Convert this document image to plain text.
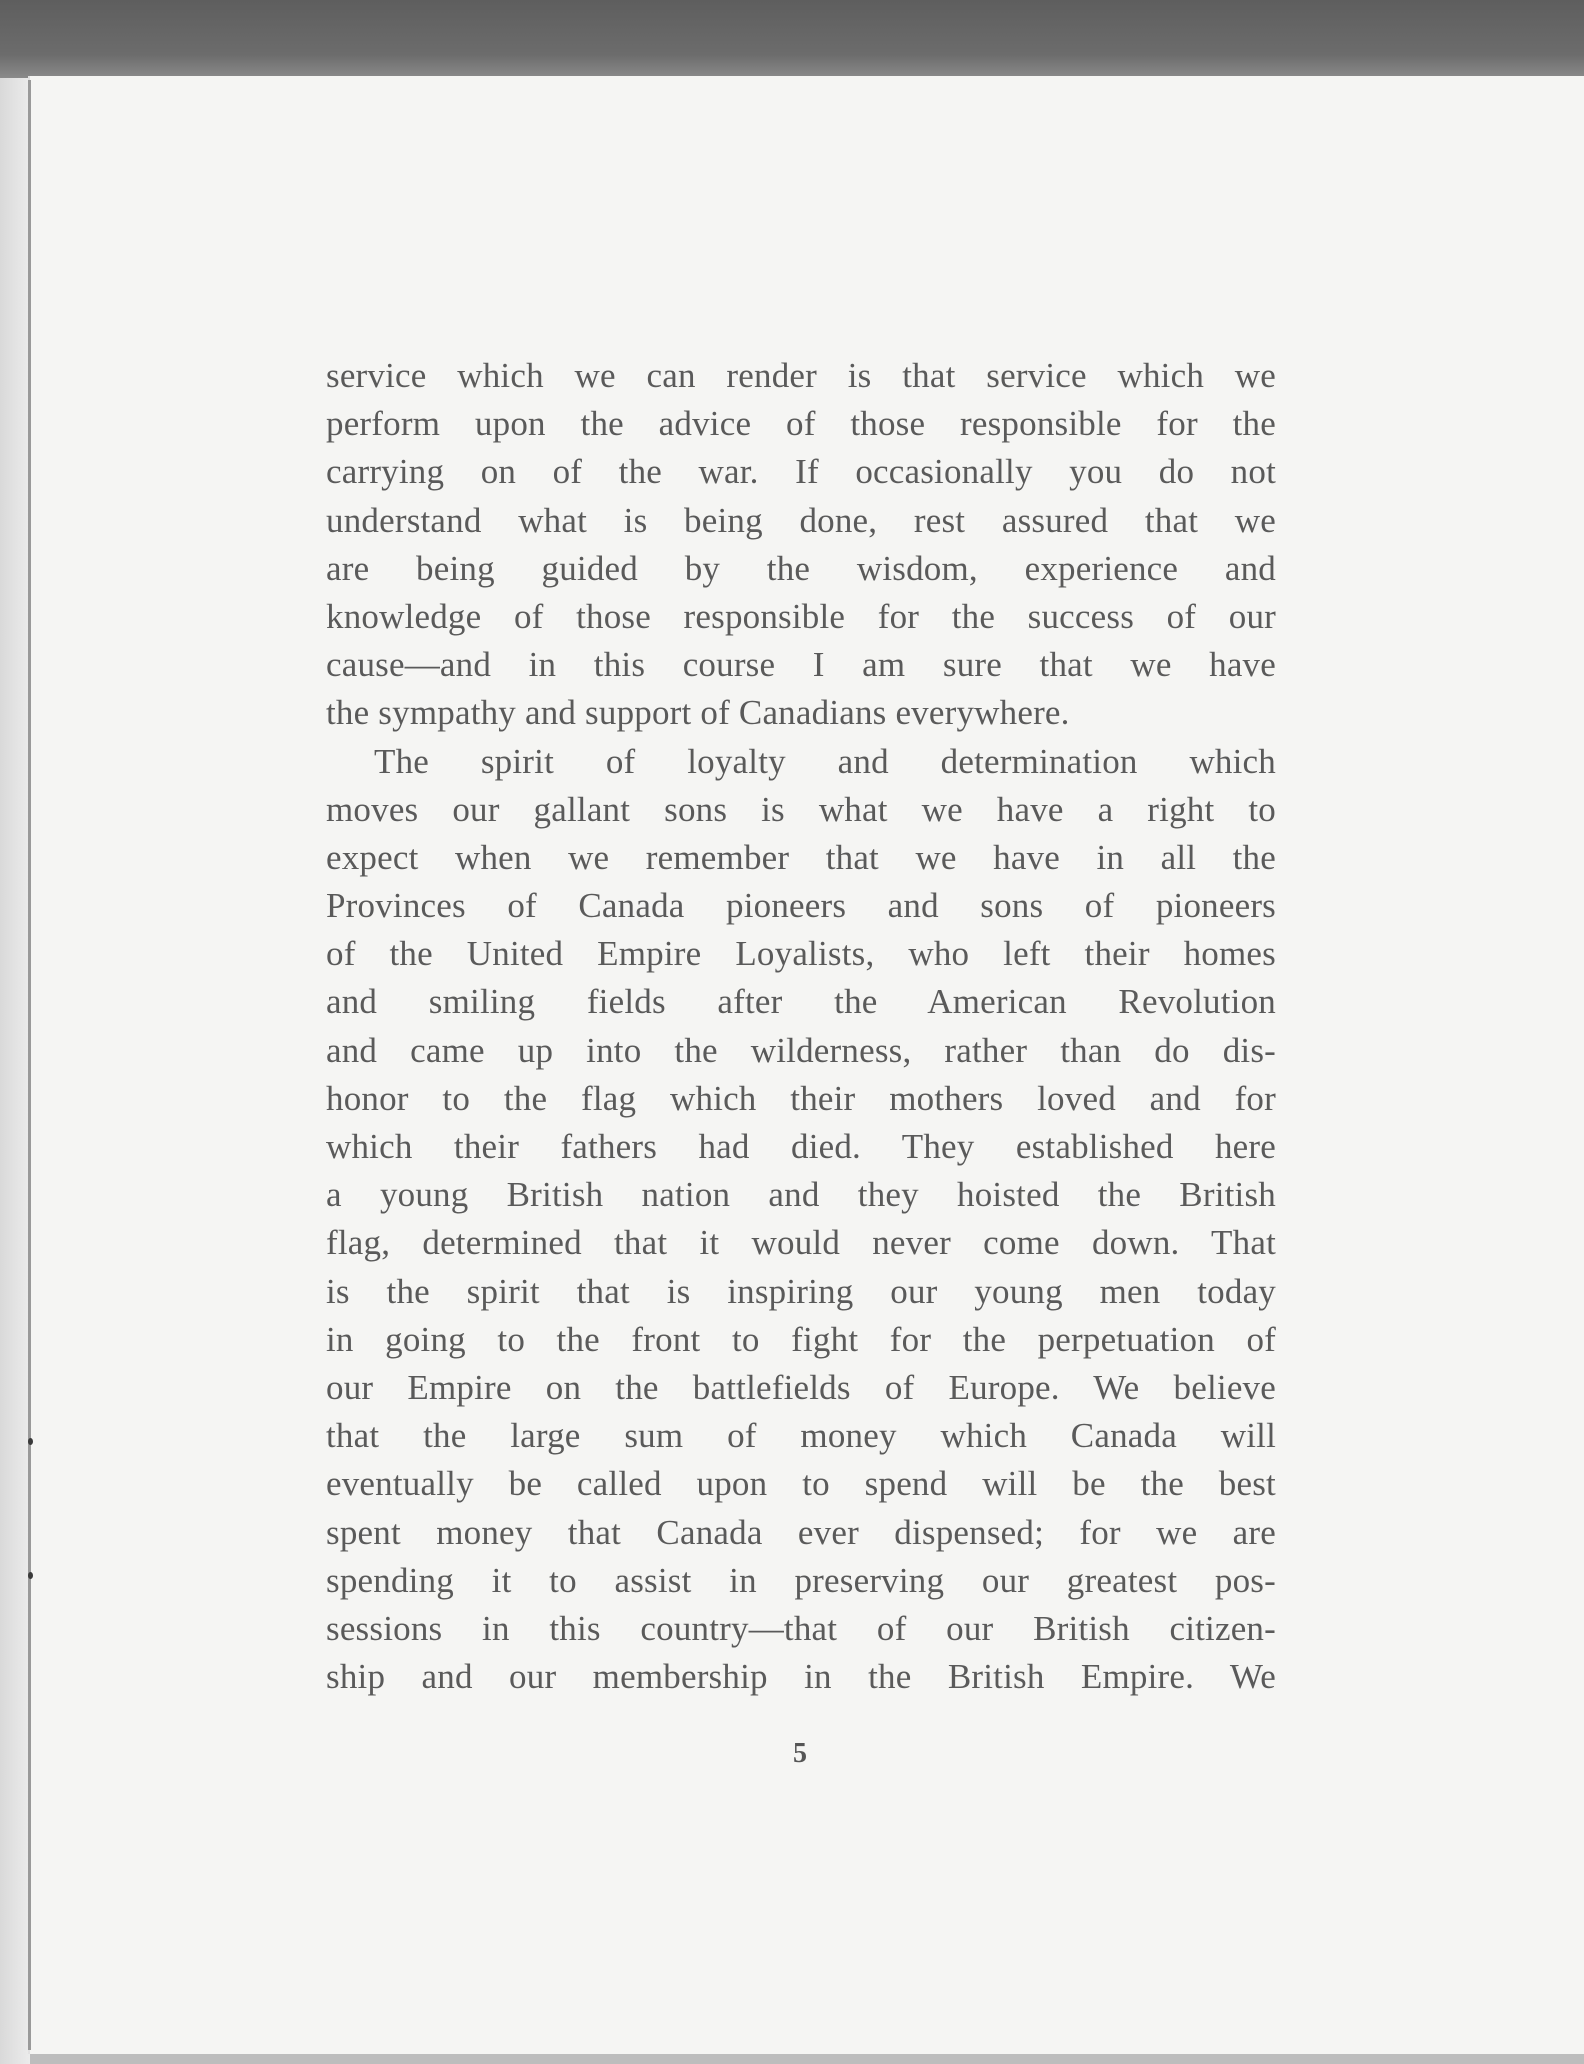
service which we can render is that service which we
perform upon the advice of those responsible for the
carrying on of the war. If occasionally you do not
understand what is being done, rest assured that we
are being guided by the wisdom, experience and
knowledge of those responsible for the success of our
cause—and in this course I am sure that we have
the sympathy and support of Canadians everywhere.
The spirit of loyalty and determination which
moves our gallant sons is what we have a right to
expect when we remember that we have in all the
Provinces of Canada pioneers and sons of pioneers
of the United Empire Loyalists, who left their homes
and smiling fields after the American Revolution
and came up into the wilderness, rather than do dis-
honor to the flag which their mothers loved and for
which their fathers had died. They established here
a young British nation and they hoisted the British
flag, determined that it would never come down. That
is the spirit that is inspiring our young men today
in going to the front to fight for the perpetuation of
our Empire on the battlefields of Europe. We believe
that the large sum of money which Canada will
eventually be called upon to spend will be the best
spent money that Canada ever dispensed; for we are
spending it to assist in preserving our greatest pos-
sessions in this country—that of our British citizen-
ship and our membership in the British Empire. We
5
